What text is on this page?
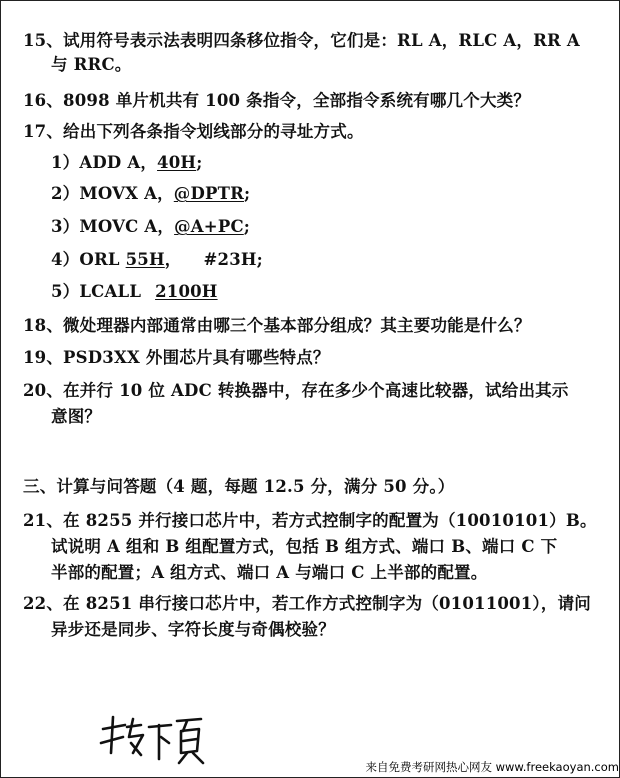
15、试用符号表示法表明四条移位指令，它们是：RL A，RLC A，RR A
与 RRC。
16、8098 单片机共有 100 条指令，全部指令系统有哪几个大类？
17、给出下列各条指令划线部分的寻址方式。
1）ADD A，40H;
2）MOVX A，@DPTR;
3）MOVC A，@A+PC;
4）ORL 55H， #23H;
5）LCALL 2100H
18、微处理器内部通常由哪三个基本部分组成？其主要功能是什么？
19、PSD3XX 外围芯片具有哪些特点？
20、在并行 10 位 ADC 转换器中，存在多少个高速比较器，试给出其示
意图？
三、计算与问答题（4 题，每题 12.5 分，满分 50 分。）
21、在 8255 并行接口芯片中，若方式控制字的配置为（10010101）B。
试说明 A 组和 B 组配置方式，包括 B 组方式、端口 B、端口 C 下
半部的配置；A 组方式、端口 A 与端口 C 上半部的配置。
22、在 8251 串行接口芯片中，若工作方式控制字为（01011001），请问
异步还是同步、字符长度与奇偶校验？
来自免费考研网热心网友 www.freekaoyan.com
